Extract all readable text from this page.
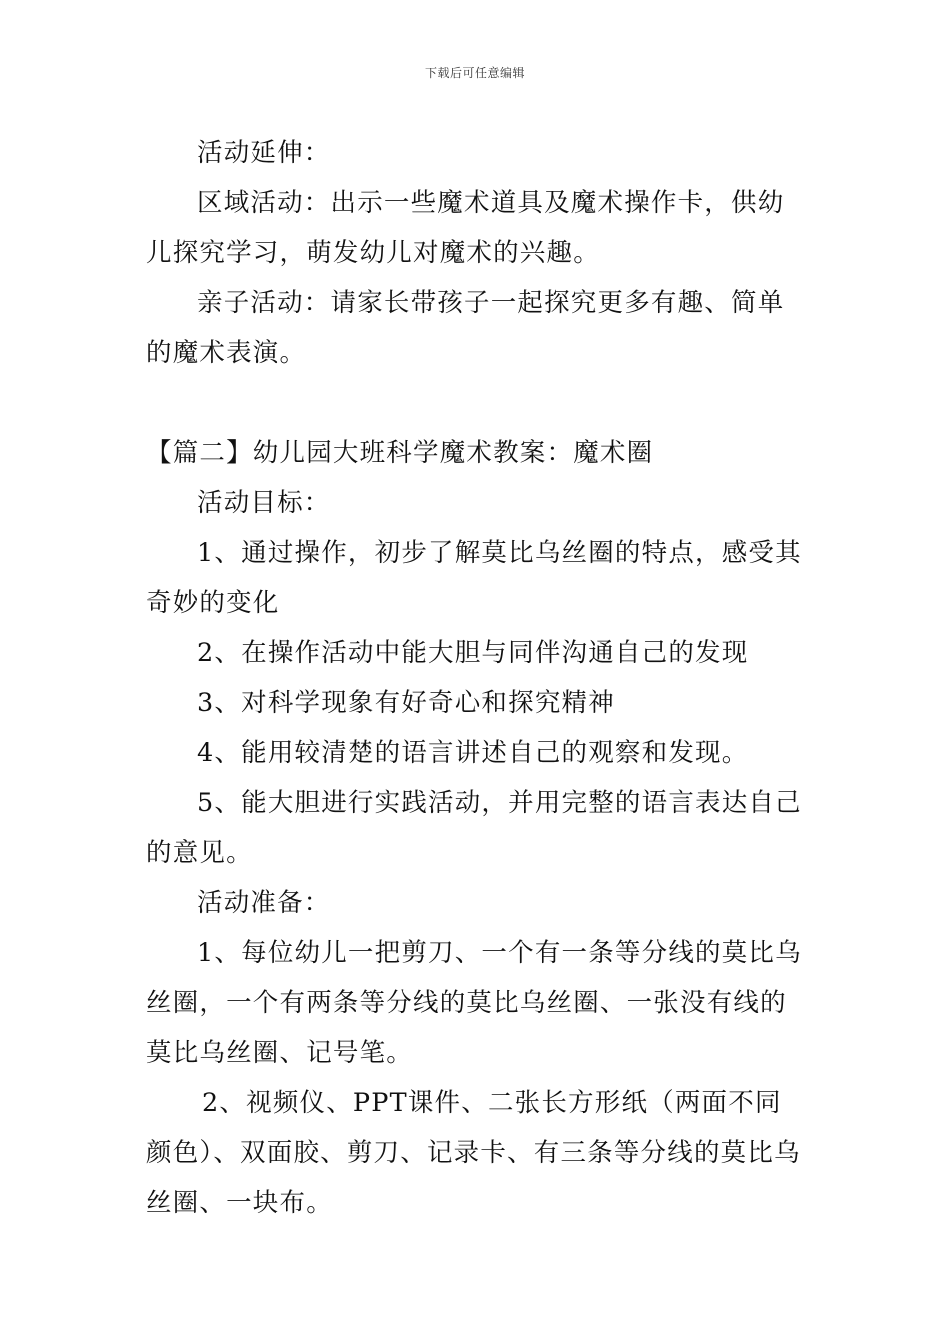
下载后可任意编辑

活动延伸：

区域活动：出示一些魔术道具及魔术操作卡，供幼儿探究学习，萌发幼儿对魔术的兴趣。

亲子活动：请家长带孩子一起探究更多有趣、简单的魔术表演。

【篇二】幼儿园大班科学魔术教案：魔术圈

活动目标：

1、通过操作，初步了解莫比乌丝圈的特点，感受其奇妙的变化

2、在操作活动中能大胆与同伴沟通自己的发现

3、对科学现象有好奇心和探究精神

4、能用较清楚的语言讲述自己的观察和发现。

5、能大胆进行实践活动，并用完整的语言表达自己的意见。

活动准备：

1、每位幼儿一把剪刀、一个有一条等分线的莫比乌丝圈，一个有两条等分线的莫比乌丝圈、一张没有线的莫比乌丝圈、记号笔。

2、视频仪、PPT课件、二张长方形纸（两面不同颜色）、双面胶、剪刀、记录卡、有三条等分线的莫比乌丝圈、一块布。
